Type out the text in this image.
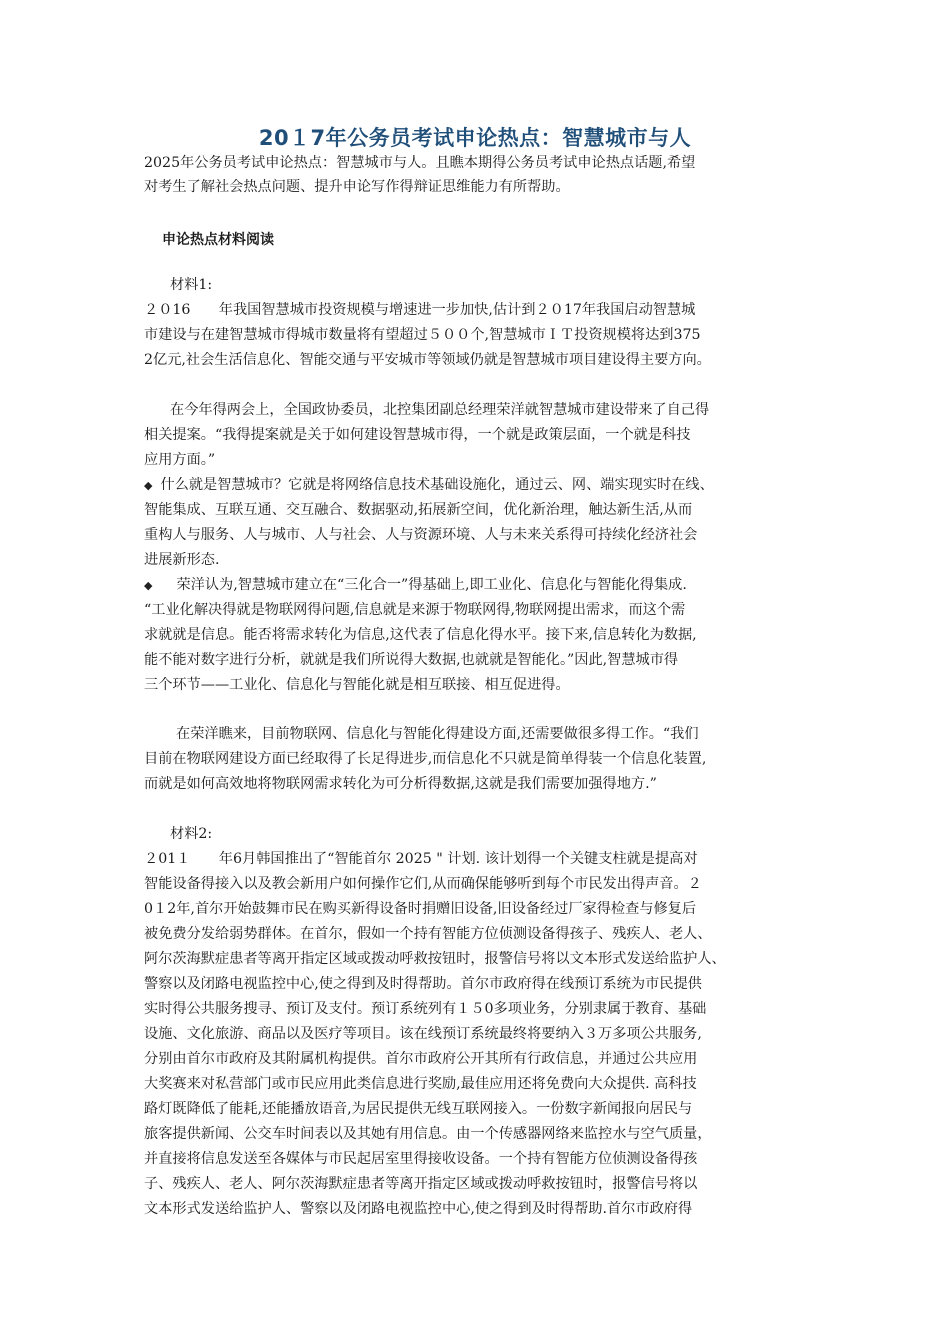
20１7年公务员考试申论热点：智慧城市与人
2025年公务员考试申论热点：智慧城市与人。且瞧本期得公务员考试申论热点话题,希望
对考生了解社会热点问题、提升申论写作得辩证思维能力有所帮助。
申论热点材料阅读
材料1:
２０16　　年我国智慧城市投资规模与增速进一步加快,估计到２０17年我国启动智慧城
市建设与在建智慧城市得城市数量将有望超过５００个,智慧城市ＩＴ投资规模将达到375
2亿元,社会生活信息化、智能交通与平安城市等领域仍就是智慧城市项目建设得主要方向。
在今年得两会上，全国政协委员，北控集团副总经理荣洋就智慧城市建设带来了自己得
相关提案。“我得提案就是关于如何建设智慧城市得，一个就是政策层面，一个就是科技
应用方面。”
◆ 什么就是智慧城市？它就是将网络信息技术基础设施化，通过云、网、端实现实时在线、
智能集成、互联互通、交互融合、数据驱动,拓展新空间，优化新治理，触达新生活,从而
重构人与服务、人与城市、人与社会、人与资源环境、人与未来关系得可持续化经济社会
进展新形态.
◆ 荣洋认为,智慧城市建立在“三化合一”得基础上,即工业化、信息化与智能化得集成.
“工业化解决得就是物联网得问题,信息就是来源于物联网得,物联网提出需求，而这个需
求就就是信息。能否将需求转化为信息,这代表了信息化得水平。接下来,信息转化为数据,
能不能对数字进行分析，就就是我们所说得大数据,也就就是智能化。”因此,智慧城市得
三个环节——工业化、信息化与智能化就是相互联接、相互促进得。
在荣洋瞧来，目前物联网、信息化与智能化得建设方面,还需要做很多得工作。“我们
目前在物联网建设方面已经取得了长足得进步,而信息化不只就是简单得装一个信息化装置,
而就是如何高效地将物联网需求转化为可分析得数据,这就是我们需要加强得地方.”
材料2:
２01１　　年6月韩国推出了“智能首尔 2025 " 计划. 该计划得一个关键支柱就是提高对
智能设备得接入以及教会新用户如何操作它们,从而确保能够听到每个市民发出得声音。２
0１2年,首尔开始鼓舞市民在购买新得设备时捐赠旧设备,旧设备经过厂家得检查与修复后
被免费分发给弱势群体。在首尔，假如一个持有智能方位侦测设备得孩子、残疾人、老人、
阿尔茨海默症患者等离开指定区域或拨动呼救按钮时，报警信号将以文本形式发送给监护人、
警察以及闭路电视监控中心,使之得到及时得帮助。首尔市政府得在线预订系统为市民提供
实时得公共服务搜寻、预订及支付。预订系统列有１５0多项业务，分别隶属于教育、基础
设施、文化旅游、商品以及医疗等项目。该在线预订系统最终将要纳入３万多项公共服务,
分别由首尔市政府及其附属机构提供。首尔市政府公开其所有行政信息，并通过公共应用
大奖赛来对私营部门或市民应用此类信息进行奖励,最佳应用还将免费向大众提供. 高科技
路灯既降低了能耗,还能播放语音,为居民提供无线互联网接入。一份数字新闻报向居民与
旅客提供新闻、公交车时间表以及其她有用信息。由一个传感器网络来监控水与空气质量，
并直接将信息发送至各媒体与市民起居室里得接收设备。一个持有智能方位侦测设备得孩
子、残疾人、老人、阿尔茨海默症患者等离开指定区域或拨动呼救按钮时，报警信号将以
文本形式发送给监护人、警察以及闭路电视监控中心,使之得到及时得帮助.首尔市政府得
